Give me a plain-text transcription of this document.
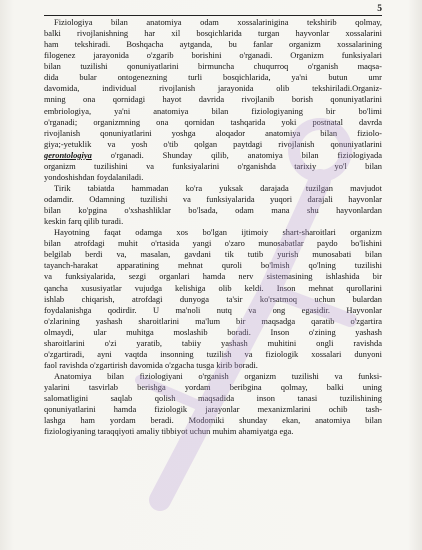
5
Fiziologiya bilan anatomiya odam xossalarinigina tekshirib qolmay,
balki rivojlanishning har xil bosqichlarida turgan hayvonlar xossalarini
ham tekshiradi. Boshqacha aytganda, bu fanlar organizm xossalarining
filogenez jarayonida o'zgarib borishini o'rganadi. Organizm funksiyalari
bilan tuzilishi qonuniyatlarini birmuncha chuqurroq o'rganish maqsa-
dida bular ontogenezning turli bosqichlarida, ya'ni butun umr
davomida, individual rivojlanish jarayonida olib tekshiriladi.Organiz-
mning ona qornidagi hayot davrida rivojlanib borish qonuniyatlarini
embriologiya, ya'ni anatomiya bilan fiziologiyaning bir bo'limi
o'rganadi; organizmning ona qornidan tashqarida yoki postnatal davrda
rivojlanish qonuniyatlarini yoshga aloqador anatomiya bilan fiziolo-
giya;-yetuklik va yosh o'tib qolgan paytdagi rivojlanish qonuniyatlarini
gerontologiya o'rganadi. Shunday qilib, anatomiya bilan fiziologiyada
organizm tuzilishini va funksiyalarini o'rganishda tarixiy yo'l bilan
yondoshishdan foydalaniladi.
Tirik tabiatda hammadan ko'ra yuksak darajada tuzilgan mavjudot
odamdir. Odamning tuzilishi va funksiyalarida yuqori darajali hayvonlar
bilan ko'pgina o'xshashliklar bo'lsada, odam mana shu hayvonlardan
keskin farq qilib turadi.
Hayotning faqat odamga xos bo'lgan ijtimoiy shart-sharoitlari organizm
bilan atrofdagi muhit o'rtasida yangi o'zaro munosabatlar paydo bo'lishini
belgilab berdi va, masalan, gavdani tik tutib yurish munosabati bilan
tayanch-harakat apparatining mehnat quroli bo'lmish qo'lning tuzilishi
va funksiyalarida, sezgi organlari hamda nerv sistemasining ishlashida bir
qancha xususiyatlar vujudga kelishiga olib keldi. Inson mehnat qurollarini
ishlab chiqarish, atrofdagi dunyoga ta'sir ko'rsatmoq uchun bulardan
foydalanishga qodirdir. U ma'noli nutq va ong egasidir. Hayvonlar
o'zlarining yashash sharoitlarini ma'lum bir maqsadga qaratib o'zgartira
olmaydi, ular muhitga moslashib boradi. Inson o'zining yashash
sharoitlarini o'zi yaratib, tabiiy yashash muhitini ongli ravishda
o'zgartiradi, ayni vaqtda insonning tuzilish va fiziologik xossalari dunyoni
faol ravishda o'zgartirish davomida o'zgacha tusga kirib boradi.
Anatomiya bilan fiziologiyani o'rganish organizm tuzilishi va funksi-
yalarini tasvirlab berishga yordam beribgina qolmay, balki uning
salomatligini saqlab qolish maqsadida inson tanasi tuzilishining
qonuniyatlarini hamda fiziologik jarayonlar mexanizmlarini ochib tash-
lashga ham yordam beradi. Modomiki shunday ekan, anatomiya bilan
fiziologiyaning taraqqiyoti amaliy tibbiyot uchun muhim ahamiyatga ega.
